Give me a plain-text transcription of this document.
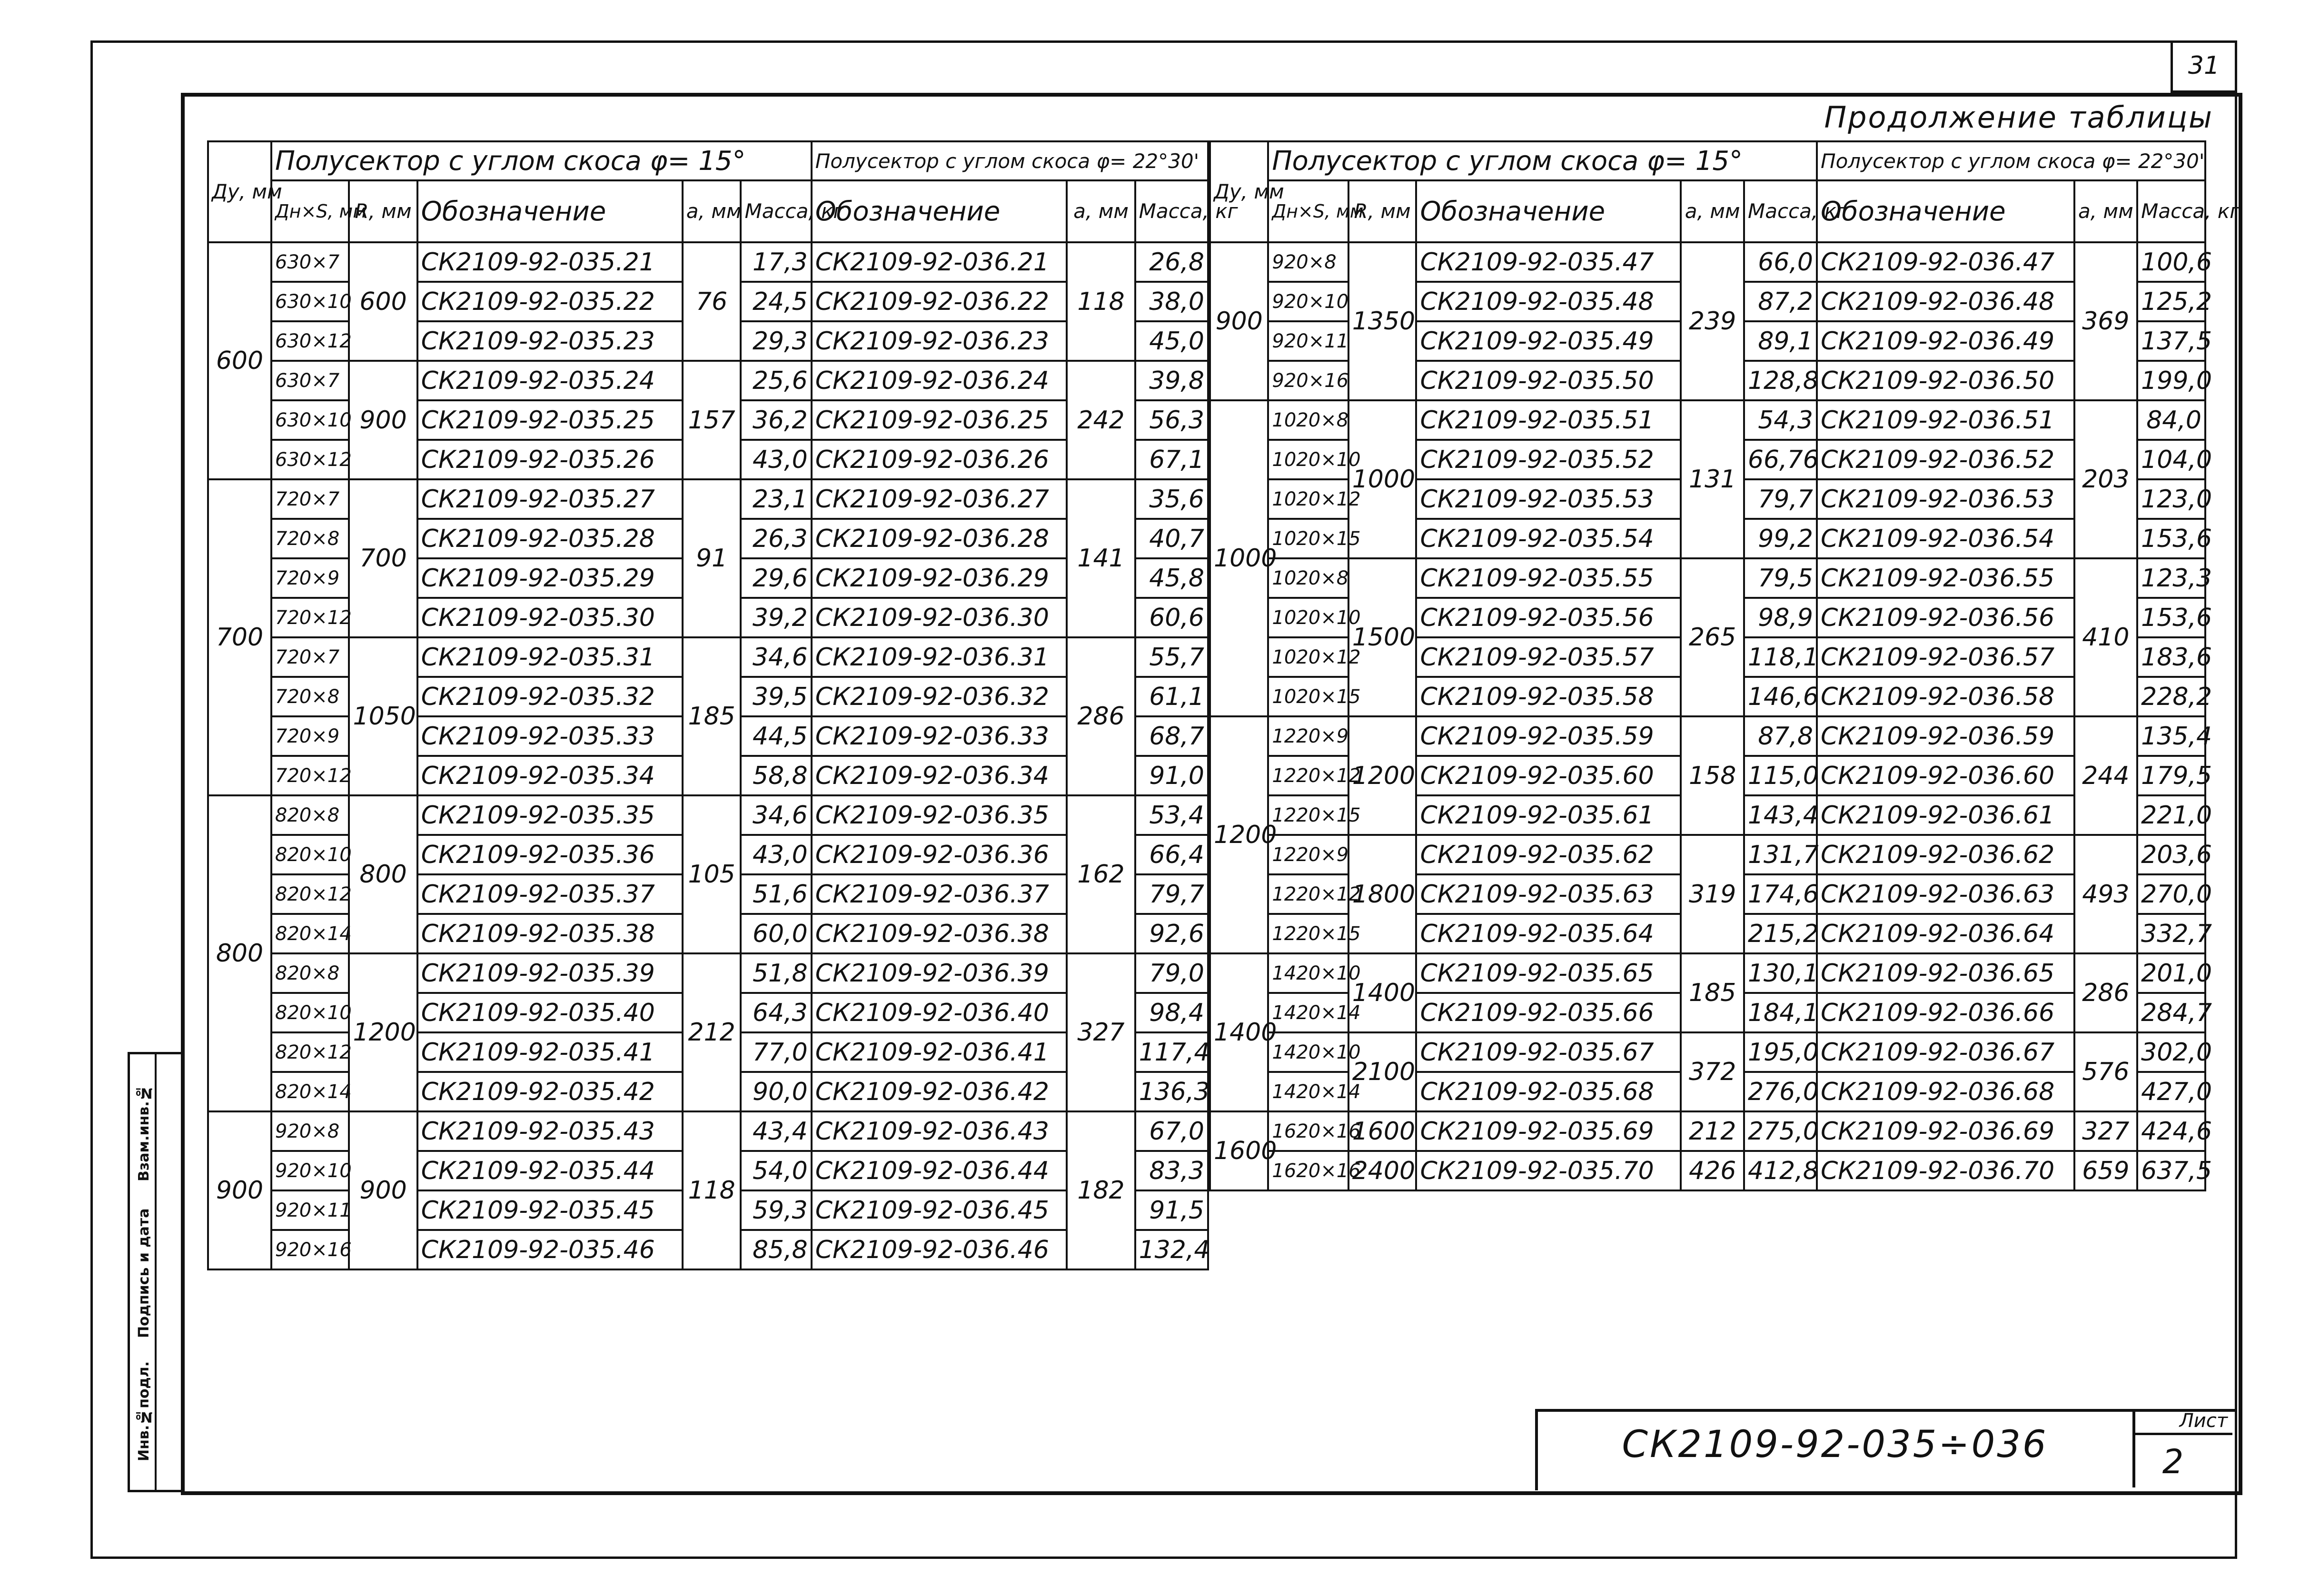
31
Продолжение таблицы
Ду, мм	Полусектор с углом скоса φ= 15°					Полусектор с углом скоса φ= 22°30'		
	Дн×S, мм	R, мм	Обозначение	a, мм	Масса, кг	Обозначение	a, мм	Масса, кг
600	630×7	600	СК2109-92-035.21	76	17,3	СК2109-92-036.21	118	26,8
	630×10		СК2109-92-035.22		24,5	СК2109-92-036.22		38,0
	630×12		СК2109-92-035.23		29,3	СК2109-92-036.23		45,0
	630×7	900	СК2109-92-035.24	157	25,6	СК2109-92-036.24	242	39,8
	630×10		СК2109-92-035.25		36,2	СК2109-92-036.25		56,3
	630×12		СК2109-92-035.26		43,0	СК2109-92-036.26		67,1
700	720×7	700	СК2109-92-035.27	91	23,1	СК2109-92-036.27	141	35,6
	720×8		СК2109-92-035.28		26,3	СК2109-92-036.28		40,7
	720×9		СК2109-92-035.29		29,6	СК2109-92-036.29		45,8
	720×12		СК2109-92-035.30		39,2	СК2109-92-036.30		60,6
	720×7	1050	СК2109-92-035.31	185	34,6	СК2109-92-036.31	286	55,7
	720×8		СК2109-92-035.32		39,5	СК2109-92-036.32		61,1
	720×9		СК2109-92-035.33		44,5	СК2109-92-036.33		68,7
	720×12		СК2109-92-035.34		58,8	СК2109-92-036.34		91,0
800	820×8	800	СК2109-92-035.35	105	34,6	СК2109-92-036.35	162	53,4
	820×10		СК2109-92-035.36		43,0	СК2109-92-036.36		66,4
	820×12		СК2109-92-035.37		51,6	СК2109-92-036.37		79,7
	820×14		СК2109-92-035.38		60,0	СК2109-92-036.38		92,6
	820×8	1200	СК2109-92-035.39	212	51,8	СК2109-92-036.39	327	79,0
	820×10		СК2109-92-035.40		64,3	СК2109-92-036.40		98,4
	820×12		СК2109-92-035.41		77,0	СК2109-92-036.41		117,4
	820×14		СК2109-92-035.42		90,0	СК2109-92-036.42		136,3
900	920×8	900	СК2109-92-035.43	118	43,4	СК2109-92-036.43	182	67,0
	920×10		СК2109-92-035.44		54,0	СК2109-92-036.44		83,3
	920×11		СК2109-92-035.45		59,3	СК2109-92-036.45		91,5
	920×16		СК2109-92-035.46		85,8	СК2109-92-036.46		132,4
Ду, мм	Полусектор с углом скоса φ= 15°					Полусектор с углом скоса φ= 22°30'		
	Дн×S, мм	R, мм	Обозначение	a, мм	Масса, кг	Обозначение	a, мм	Масса, кг
900	920×8	1350	СК2109-92-035.47	239	66,0	СК2109-92-036.47	369	100,6
	920×10		СК2109-92-035.48		87,2	СК2109-92-036.48		125,2
	920×11		СК2109-92-035.49		89,1	СК2109-92-036.49		137,5
	920×16		СК2109-92-035.50		128,8	СК2109-92-036.50		199,0
1000	1020×8	1000	СК2109-92-035.51	131	54,3	СК2109-92-036.51	203	84,0
	1020×10		СК2109-92-035.52		66,76	СК2109-92-036.52		104,0
	1020×12		СК2109-92-035.53		79,7	СК2109-92-036.53		123,0
	1020×15		СК2109-92-035.54		99,2	СК2109-92-036.54		153,6
	1020×8	1500	СК2109-92-035.55	265	79,5	СК2109-92-036.55	410	123,3
	1020×10		СК2109-92-035.56		98,9	СК2109-92-036.56		153,6
	1020×12		СК2109-92-035.57		118,1	СК2109-92-036.57		183,6
	1020×15		СК2109-92-035.58		146,6	СК2109-92-036.58		228,2
1200	1220×9	1200	СК2109-92-035.59	158	87,8	СК2109-92-036.59	244	135,4
	1220×12		СК2109-92-035.60		115,0	СК2109-92-036.60		179,5
	1220×15		СК2109-92-035.61		143,4	СК2109-92-036.61		221,0
	1220×9	1800	СК2109-92-035.62	319	131,7	СК2109-92-036.62	493	203,6
	1220×12		СК2109-92-035.63		174,6	СК2109-92-036.63		270,0
	1220×15		СК2109-92-035.64		215,2	СК2109-92-036.64		332,7
1400	1420×10	1400	СК2109-92-035.65	185	130,1	СК2109-92-036.65	286	201,0
	1420×14		СК2109-92-035.66		184,1	СК2109-92-036.66		284,7
	1420×10	2100	СК2109-92-035.67	372	195,0	СК2109-92-036.67	576	302,0
	1420×14		СК2109-92-035.68		276,0	СК2109-92-036.68		427,0
1600	1620×16	1600	СК2109-92-035.69	212	275,0	СК2109-92-036.69	327	424,6
	1620×16	2400	СК2109-92-035.70	426	412,8	СК2109-92-036.70	659	637,5
СК2109-92-035÷036
Лист
2
Инв.№подл.
Подпись и дата
Взам.инв.№
